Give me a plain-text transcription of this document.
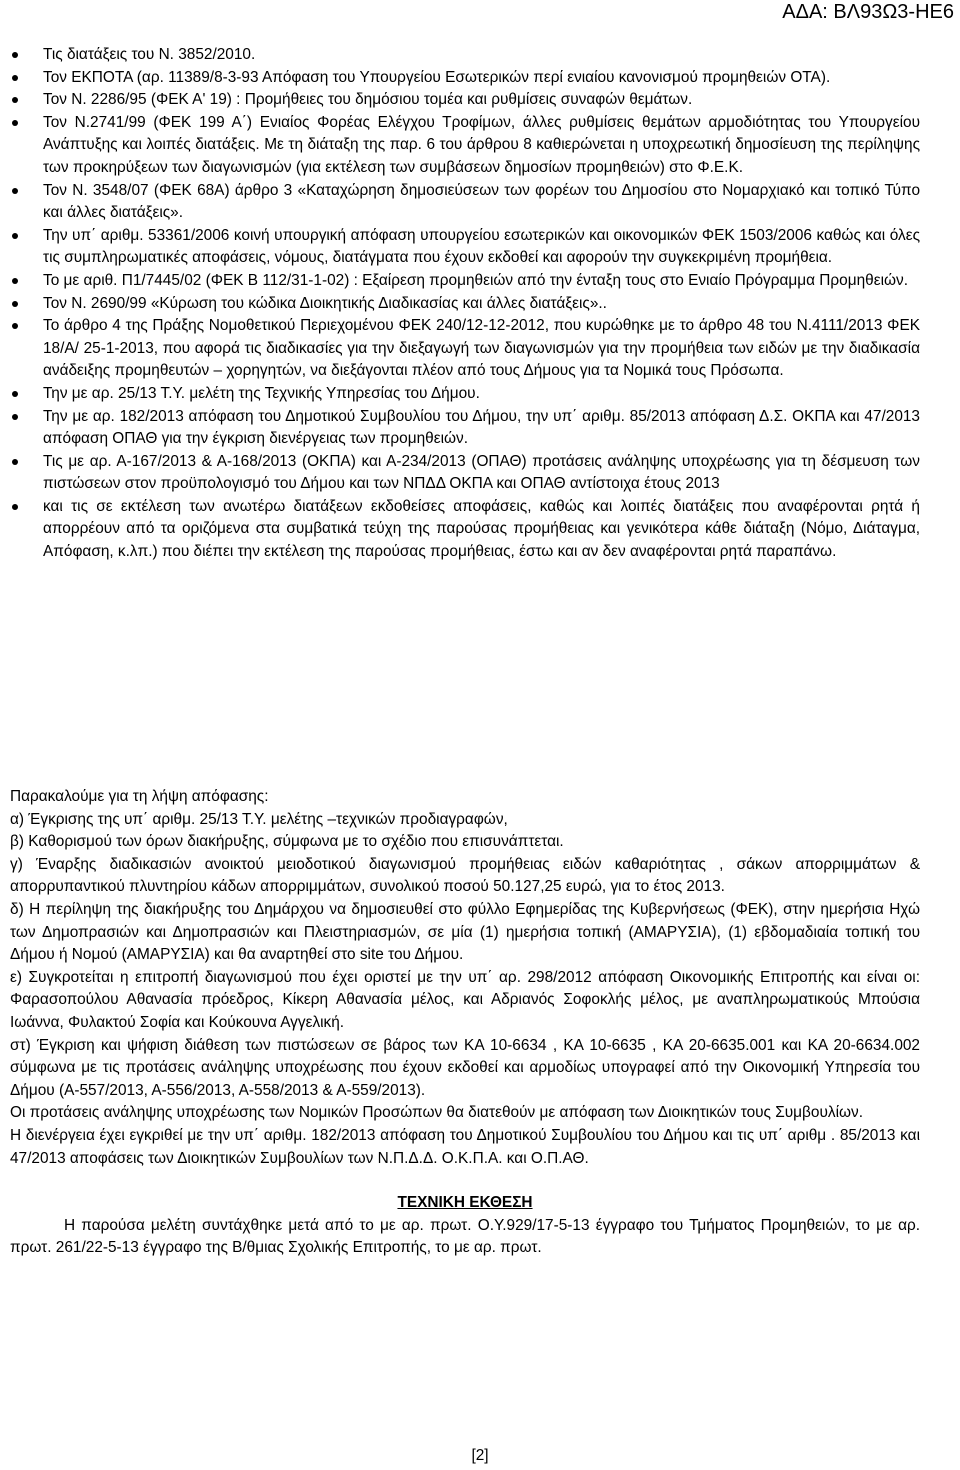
ΑΔΑ: ΒΛ93Ω3-ΗΕ6
Τις διατάξεις του Ν. 3852/2010.
Τον ΕΚΠΟΤΑ (αρ. 11389/8-3-93 Απόφαση του Υπουργείου Εσωτερικών περί ενιαίου κανονισμού προμηθειών ΟΤΑ).
Τον Ν. 2286/95 (ΦΕΚ Α' 19) : Προμήθειες του δημόσιου τομέα και ρυθμίσεις συναφών θεμάτων.
Τον Ν.2741/99 (ΦΕΚ 199 Α΄) Ενιαίος Φορέας Ελέγχου Τροφίμων, άλλες ρυθμίσεις θεμάτων αρμοδιότητας του Υπουργείου Ανάπτυξης και λοιπές διατάξεις. Με τη διάταξη της παρ. 6 του άρθρου 8 καθιερώνεται η υποχρεωτική δημοσίευση της περίληψης των προκηρύξεων των διαγωνισμών (για εκτέλεση των συμβάσεων δημοσίων προμηθειών) στο Φ.Ε.Κ.
Τον Ν. 3548/07 (ΦΕΚ 68Α) άρθρο 3 «Καταχώρηση δημοσιεύσεων των φορέων του Δημοσίου στο Νομαρχιακό και τοπικό Τύπο και άλλες διατάξεις».
Την υπ΄ αριθμ. 53361/2006 κοινή υπουργική απόφαση υπουργείου εσωτερικών και οικονομικών ΦΕΚ 1503/2006 καθώς και όλες τις συμπληρωματικές αποφάσεις, νόμους, διατάγματα που έχουν εκδοθεί και αφορούν την συγκεκριμένη προμήθεια.
Το με αριθ. Π1/7445/02 (ΦΕΚ Β 112/31-1-02) : Εξαίρεση προμηθειών από την ένταξη τους στο Ενιαίο Πρόγραμμα Προμηθειών.
Τον Ν. 2690/99 «Κύρωση του κώδικα Διοικητικής Διαδικασίας και άλλες διατάξεις»..
Το άρθρο 4 της Πράξης Νομοθετικού Περιεχομένου ΦΕΚ 240/12-12-2012, που κυρώθηκε με το άρθρο 48 του Ν.4111/2013 ΦΕΚ 18/Α/ 25-1-2013, που αφορά τις διαδικασίες για την διεξαγωγή των διαγωνισμών για την προμήθεια των ειδών με την διαδικασία ανάδειξης προμηθευτών – χορηγητών, να διεξάγονται πλέον από τους Δήμους για τα Νομικά τους Πρόσωπα.
Την με αρ. 25/13 Τ.Υ. μελέτη της Τεχνικής Υπηρεσίας του Δήμου.
Την με αρ. 182/2013 απόφαση του Δημοτικού Συμβουλίου του Δήμου, την υπ΄ αριθμ. 85/2013 απόφαση Δ.Σ. ΟΚΠΑ και 47/2013 απόφαση ΟΠΑΘ για την έγκριση διενέργειας των προμηθειών.
Τις με αρ. Α-167/2013 & Α-168/2013 (ΟΚΠΑ) και Α-234/2013 (ΟΠΑΘ) προτάσεις ανάληψης υποχρέωσης για τη δέσμευση των πιστώσεων στον προϋπολογισμό του Δήμου και των ΝΠΔΔ ΟΚΠΑ και ΟΠΑΘ αντίστοιχα έτους 2013
και τις σε εκτέλεση των ανωτέρω διατάξεων εκδοθείσες αποφάσεις, καθώς και λοιπές διατάξεις που αναφέρονται ρητά ή απορρέουν από τα οριζόμενα στα συμβατικά τεύχη της παρούσας προμήθειας και γενικότερα κάθε διάταξη (Νόμο, Διάταγμα, Απόφαση, κ.λπ.) που διέπει την εκτέλεση της παρούσας προμήθειας, έστω και αν δεν αναφέρονται ρητά παραπάνω.

Παρακαλούμε για τη λήψη απόφασης:

α) Έγκρισης της υπ΄ αριθμ. 25/13 Τ.Υ. μελέτης –τεχνικών προδιαγραφών,

β) Καθορισμού των όρων διακήρυξης, σύμφωνα με το σχέδιο που επισυνάπτεται.

γ) Έναρξης διαδικασιών ανοικτού μειοδοτικού διαγωνισμού προμήθειας ειδών καθαριότητας , σάκων απορριμμάτων & απορρυπαντικού πλυντηρίου κάδων απορριμμάτων, συνολικού ποσού 50.127,25 ευρώ, για το έτος 2013.

δ) Η περίληψη της διακήρυξης του Δημάρχου να δημοσιευθεί στο φύλλο Εφημερίδας της Κυβερνήσεως (ΦΕΚ), στην ημερήσια Ηχώ των Δημοπρασιών και Δημοπρασιών και Πλειστηριασμών, σε μία (1) ημερήσια τοπική (ΑΜΑΡΥΣΙΑ), (1) εβδομαδιαία τοπική του Δήμου ή Νομού (ΑΜΑΡΥΣΙΑ) και θα αναρτηθεί στο site του Δήμου.

ε) Συγκροτείται η επιτροπή διαγωνισμού που έχει οριστεί με την υπ΄ αρ. 298/2012 απόφαση Οικονομικής Επιτροπής και είναι οι: Φαρασοπούλου Αθανασία πρόεδρος, Κίκερη Αθανασία μέλος, και Αδριανός Σοφοκλής μέλος, με αναπληρωματικούς Μπούσια Ιωάννα, Φυλακτού Σοφία και Κούκουνα Αγγελική.

στ) Έγκριση και ψήφιση διάθεση των πιστώσεων σε βάρος των ΚΑ 10-6634 , ΚΑ 10-6635 , ΚΑ 20-6635.001 και ΚΑ 20-6634.002 σύμφωνα με τις προτάσεις ανάληψης υποχρέωσης που έχουν εκδοθεί και αρμοδίως υπογραφεί από την Οικονομική Υπηρεσία του Δήμου (Α-557/2013, Α-556/2013, Α-558/2013 & Α-559/2013).

Οι προτάσεις ανάληψης υποχρέωσης των Νομικών Προσώπων θα διατεθούν με απόφαση των Διοικητικών τους Συμβουλίων.

Η διενέργεια έχει εγκριθεί με την υπ΄ αριθμ. 182/2013 απόφαση του Δημοτικού Συμβουλίου του Δήμου και τις υπ΄ αριθμ . 85/2013 και 47/2013 αποφάσεις των Διοικητικών Συμβουλίων των Ν.Π.Δ.Δ. Ο.Κ.Π.Α. και Ο.Π.ΑΘ.

ΤΕΧΝΙΚΗ ΕΚΘΕΣΗ

Η παρούσα μελέτη συντάχθηκε μετά από το με αρ. πρωτ. Ο.Υ.929/17-5-13 έγγραφο του Τμήματος Προμηθειών, το με αρ. πρωτ. 261/22-5-13 έγγραφο της Β/θμιας Σχολικής Επιτροπής, το με αρ. πρωτ.

[2]
